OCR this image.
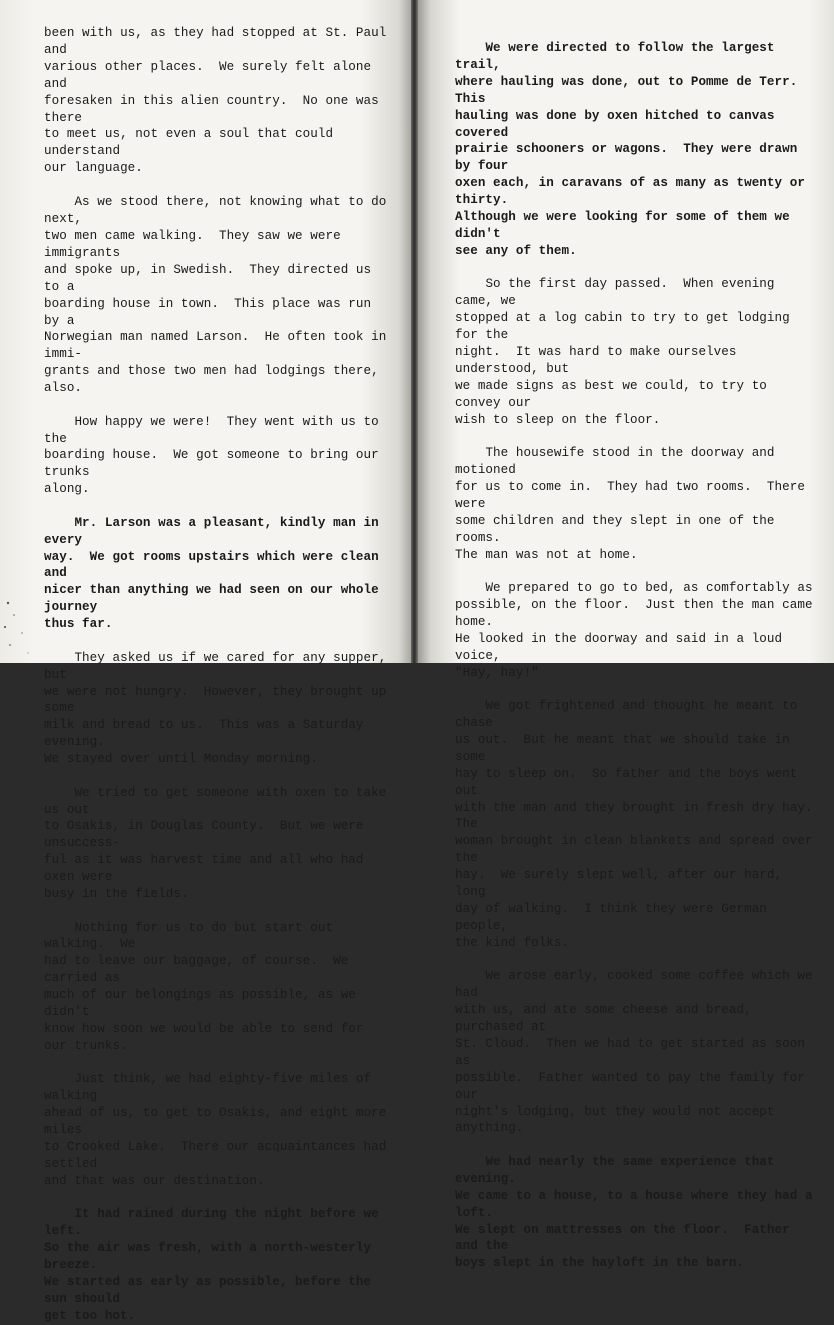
been with us, as they had stopped at St. Paul and
various other places.  We surely felt alone and
foresaken in this alien country.  No one was there
to meet us, not even a soul that could understand
our language.

As we stood there, not knowing what to do next,
two men came walking.  They saw we were immigrants
and spoke up, in Swedish.  They directed us to a
boarding house in town.  This place was run by a
Norwegian man named Larson.  He often took in immi-
grants and those two men had lodgings there, also.

How happy we were!  They went with us to the
boarding house.  We got someone to bring our trunks
along.

Mr. Larson was a pleasant, kindly man in every
way.  We got rooms upstairs which were clean and
nicer than anything we had seen on our whole journey
thus far.

They asked us if we cared for any supper, but
we were not hungry.  However, they brought up some
milk and bread to us.  This was a Saturday evening.
We stayed over until Monday morning.

We tried to get someone with oxen to take us out
to Osakis, in Douglas County.  But we were unsuccess-
ful as it was harvest time and all who had oxen were
busy in the fields.

Nothing for us to do but start out walking.  We
had to leave our baggage, of course.  We carried as
much of our belongings as possible, as we didn't
know how soon we would be able to send for our trunks.

Just think, we had eighty-five miles of walking
ahead of us, to get to Osakis, and eight more miles
to Crooked Lake.  There our acquaintances had settled
and that was our destination.

It had rained during the night before we left.
So the air was fresh, with a north-westerly breeze.
We started as early as possible, before the sun should
get too hot.

We were directed to follow the largest trail,
where hauling was done, out to Pomme de Terr.  This
hauling was done by oxen hitched to canvas covered
prairie schooners or wagons.  They were drawn by four
oxen each, in caravans of as many as twenty or thirty.
Although we were looking for some of them we didn't
see any of them.

So the first day passed.  When evening came, we
stopped at a log cabin to try to get lodging for the
night.  It was hard to make ourselves understood, but
we made signs as best we could, to try to convey our
wish to sleep on the floor.

The housewife stood in the doorway and motioned
for us to come in.  They had two rooms.  There were
some children and they slept in one of the rooms.
The man was not at home.

We prepared to go to bed, as comfortably as
possible, on the floor.  Just then the man came home.
He looked in the doorway and said in a loud voice,
"Hay, hay!"

We got frightened and thought he meant to chase
us out.  But he meant that we should take in some
hay to sleep on.  So father and the boys went out
with the man and they brought in fresh dry hay.  The
woman brought in clean blankets and spread over the
hay.  We surely slept well, after our hard, long
day of walking.  I think they were German people,
the kind folks.

We arose early, cooked some coffee which we had
with us, and ate some cheese and bread, purchased at
St. Cloud.  Then we had to get started as soon as
possible.  Father wanted to pay the family for our
night's lodging, but they would not accept anything.

We had nearly the same experience that evening.
We came to a house, to a house where they had a loft.
We slept on mattresses on the floor.  Father and the
boys slept in the hayloft in the barn.
